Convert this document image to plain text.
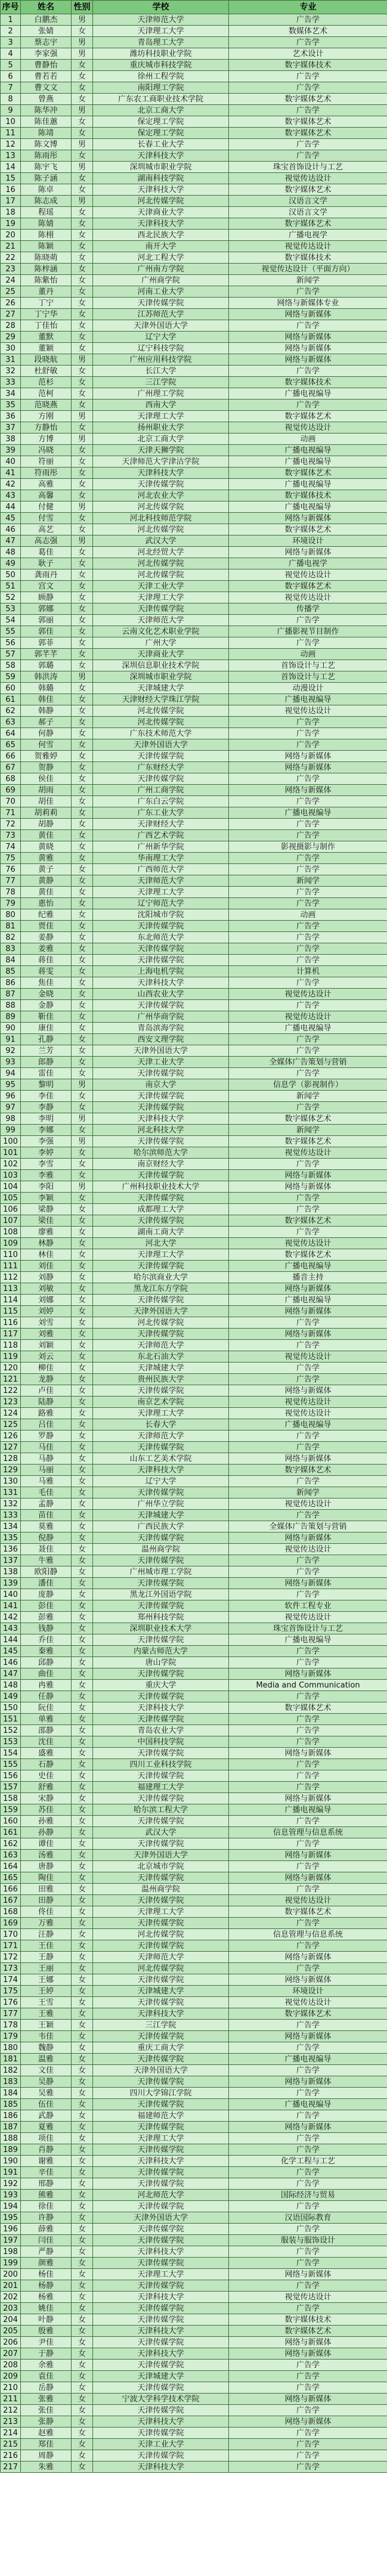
序号	姓名	性别	学校	专业
1	白鹏杰	男	天津师范大学	广告学
2	张婧	女	天津理工大学	数媒体艺术
3	蔡志宇	男	青岛理工大学	广告学
4	李家强	男	潍坊科技职业学院	艺术设计
5	曹静怡	女	重庆城市科技学院	数字媒体技术
6	曹若若	女	徐州工程学院	广告学
7	曹文文	女	南阳理工学院	广告学
8	曾燕	女	广东农工商职业技术学院	数字媒体艺术
9	陈华冲	男	北京工商大学	广告学
10	陈佳蕙	女	保定理工学院	数字媒体艺术
11	陈靖	女	保定理工学院	数字媒体艺术
12	陈文博	男	长春工业大学	广告学
13	陈雨彤	女	天津科技大学	广告学
14	陈宇飞	男	深圳城市职业学院	珠宝首饰设计与工艺
15	陈子涵	女	湖南科技学院	视觉传达设计
16	陈卓	女	天津科技大学	数字媒体艺术
17	陈志成	男	河北传媒学院	汉语言文学
18	程瑶	女	天津商业大学	汉语言文学
19	陈婧	女	天津科技大学	数字媒体艺术
20	陈栩	女	西北民族大学	广播电视学
21	陈颖	女	南开大学	视觉传达设计
22	陈晓萌	女	河北工程大学	数字媒体技术
23	陈梓涵	女	广州南方学院	视觉传达设计（平面方向）
24	陈紫怡	女	广州商学院	新闻学
25	董丹	女	河南工业大学	广告学
26	丁宁	女	天津传媒学院	网络与新媒体专业
27	丁宁华	女	江苏师范大学	网络与新媒体
28	丁佳怡	女	天津外国语大学	广告学
29	董默	女	辽宁大学	网络与新媒体
30	董颖	女	辽宁科技学院	网络与新媒体
31	段晓航	男	广州应用科技学院	网络与新媒体
32	杜舒敏	女	长江大学	广告学
33	范杉	女	三江学院	数字媒体技术
34	范柯	女	广州理工学院	广播电视编导
35	范晓燕	女	西南大学	广告学
36	方刚	男	天津理工大学	数字媒体艺术
37	方静怡	女	扬州职业大学	视觉传达设计
38	方博	男	北京工商大学	动画
39	冯晓	女	天津天狮学院	广播电视编导
40	符丽	女	天津师范大学津沽学院	广播电视编导
41	符雨彤	女	天津科技大学	数字媒体艺术
42	高雅	女	天津传媒学院	广播电视编导
43	高馨	女	河北农业大学	数字媒体技术
44	付健	男	河北传媒学院	广播电视编导
45	付雪	女	河北科技师范学院	网络与新媒体
46	高艺	女	河北传媒学院	数字媒体艺术
47	高志强	男	武汉大学	环境设计
48	葛佳	女	河北经贸大学	网络与新媒体
49	耿子	女	河北传媒学院	广播电视学
50	龚雨丹	女	河北传媒学院	视觉传达设计
51	宫文	女	天津工业大学	数字媒体艺术
52	顾静	女	天津理工大学	视觉传达设计
53	郭娜	女	天津传媒学院	传播学
54	郭丽	女	天津师范大学	广告学
55	郭佳	女	云南文化艺术职业学院	广播影视节目制作
56	郭菲	女	广州大学	广告学
57	郭芊芊	女	天津商业大学	动画
58	郭璐	女	深圳信息职业技术学院	首饰设计与工艺
59	韩洪涛	男	深圳城市职业学院	首饰设计与工艺
60	韩璐	女	天津城建大学	动漫设计
61	韩佳	女	天津财经大学珠江学院	广播电视编导
62	韩静	女	河北传媒学院	视觉传达设计
63	郝子	女	河北传媒学院	广告学
64	何静	女	广东技术师范大学	广告学
65	何雪	女	天津外国语大学	广告学
66	贺雅婷	女	天津传媒学院	网络与新媒体
67	贺静	女	广东财经大学	网络与新媒体
68	侯佳	女	天津传媒学院	广告学
69	胡雨	女	广州工商学院	网络与新媒体
70	胡佳	女	广东白云学院	广告学
71	胡莉莉	女	广东工业大学	广播电视编导
72	胡静	女	天津财经大学	广告学
73	黄佳	女	广西艺术学院	广告学
74	黄晓	女	广州新华学院	影视摄影与制作
75	黄雅	女	华南理工大学	广告学
76	黄子	女	广西师范大学	广告学
77	黄静	女	天津师范大学	新闻学
78	黄佳	女	天津理工大学	广告学
79	惠怡	女	辽宁师范大学	广告学
80	纪雅	女	沈阳城市学院	动画
81	贾佳	女	天津传媒学院	广告学
82	姜静	女	东北师范大学	广告学
83	姜雅	女	天津传媒学院	广告学
84	蒋佳	女	天津传媒学院	广告学
85	蒋雯	女	上海电机学院	计算机
86	焦佳	女	天津科技大学	广告学
87	金晓	女	山西农业大学	视觉传达设计
88	金静	女	天津传媒学院	广告学
89	靳佳	女	广州华商学院	视觉传达设计
90	康佳	女	青岛滨海学院	广播电视编导
91	孔静	女	西安文理学院	广告学
92	兰芳	女	天津外国语大学	广告学
93	郎静	女	天津工业大学	全媒体广告策划与营销
94	雷佳	女	天津传媒学院	广告学
95	黎明	男	南京大学	信息学（影视制作）
96	李佳	女	天津传媒学院	新闻学
97	李静	女	天津传媒学院	广告学
98	李明	男	天津科技大学	数字媒体艺术
99	李娜	女	河北科技大学	新闻学
100	李强	男	天津传媒学院	数字媒体艺术
101	李婷	女	哈尔滨师范大学	视觉传达设计
102	李雪	女	南京财经大学	广告学
103	李雅	女	天津传媒学院	网络与新媒体
104	李阳	男	广州科技职业技术大学	网络与新媒体
105	李颖	女	天津传媒学院	广告学
106	梁静	女	成都理工大学	广告学
107	梁佳	女	天津传媒学院	数字媒体艺术
108	廖雅	女	湖南工商大学	广告学
109	林静	女	河北大学	视觉传达设计
110	林佳	女	天津理工大学	数字媒体艺术
111	刘佳	女	天津传媒学院	广播电视编导
112	刘静	女	哈尔滨商业大学	播音主持
113	刘敏	女	黑龙江东方学院	网络与新媒体
114	刘娜	女	天津传媒学院	广播电视编导
115	刘婷	女	天津外国语大学	网络与新媒体
116	刘雪	女	河北传媒学院	广告学
117	刘雅	女	天津传媒学院	网络与新媒体
118	刘颖	女	天津师范大学	广告学
119	刘云	女	东北石油大学	视觉传达设计
120	柳佳	女	天津城建大学	广告学
121	龙静	女	贵州民族大学	广告学
122	卢佳	女	天津传媒学院	网络与新媒体
123	陆静	女	南京艺术学院	视觉传达设计
124	路雅	女	天津理工大学	视觉传达设计
125	吕佳	女	长春大学	广播电视编导
126	罗静	女	天津师范大学	广告学
127	马佳	女	天津传媒学院	广告学
128	马静	女	山东工艺美术学院	网络与新媒体
129	马丽	女	天津科技大学	数字媒体艺术
130	马雅	女	辽宁大学	广告学
131	毛佳	女	天津传媒学院	新闻学
132	孟静	女	广州华立学院	视觉传达设计
133	苗佳	女	天津城建大学	广告学
134	莫雅	女	广西民族大学	全媒体广告策划与营销
135	倪静	女	天津传媒学院	网络与新媒体
136	聂佳	女	温州商学院	视觉传达设计
137	牛雅	女	天津传媒学院	广告学
138	欧阳静	女	广州城市理工学院	广告学
139	潘佳	女	天津传媒学院	网络与新媒体
140	庞静	女	黑龙江外国语学院	广告学
141	彭佳	女	天津传媒学院	软件工程专业
142	彭雅	女	郑州科技学院	视觉传达设计
143	钱静	女	深圳职业技术大学	珠宝首饰设计与工艺
144	乔佳	女	天津传媒学院	广播电视编导
145	秦雅	女	内蒙古师范大学	广告学
146	邱静	女	唐山学院	广告学
147	曲佳	女	天津传媒学院	网络与新媒体
148	冉雅	女	重庆大学	Media and Communication
149	任静	女	天津传媒学院	广告学
150	阮佳	女	天津科技大学	数字媒体艺术
151	单雅	女	天津传媒学院	广告学
152	邵静	女	青岛农业大学	广告学
153	沈佳	女	中国科技学院	广告学
154	盛雅	女	天津传媒学院	网络与新媒体
155	石静	女	四川工业科技学院	广告学
156	史佳	女	天津传媒学院	广告学
157	舒雅	女	福建理工大学	广告学
158	宋静	女	天津传媒学院	网络与新媒体
159	苏佳	女	哈尔滨工程大学	广播电视编导
160	孙雅	女	天津传媒学院	广告学
161	孙静	女	武汉大学	信息管理与信息系统
162	谭佳	女	天津传媒学院	广告学
163	汤雅	女	天津外国语大学	网络与新媒体
164	唐静	女	北京城市学院	广告学
165	陶佳	女	天津传媒学院	网络与新媒体
166	田雅	女	温州商学院	广告学
167	田静	女	天津传媒学院	视觉传达设计
168	佟佳	女	天津理工大学	数字媒体艺术
169	万雅	女	天津传媒学院	广告学
170	汪静	女	河北传媒学院	信息管理与信息系统
171	王佳	女	天津传媒学院	广告学
172	王静	女	天津师范大学	网络与新媒体
173	王丽	女	河北传媒学院	广告学
174	王娜	女	天津传媒学院	网络与新媒体
175	王婷	女	天津城建大学	环境设计
176	王雪	女	天津传媒学院	视觉传达设计
177	王雅	女	天津科技大学	数字媒体艺术
178	王颖	女	三江学院	广告学
179	韦佳	女	天津传媒学院	网络与新媒体
180	魏静	女	重庆工商大学	广告学
181	温雅	女	天津传媒学院	广播电视编导
182	文佳	女	天津外国语大学	广告学
183	吴静	女	天津传媒学院	网络与新媒体
184	吴雅	女	四川大学锦江学院	广告学
185	伍佳	女	天津传媒学院	广播电视编导
186	武静	女	福建师范大学	广告学
187	夏雅	女	天津传媒学院	网络与新媒体
188	项佳	女	天津理工大学	广告学
189	肖静	女	天津传媒学院	广告学
190	谢雅	女	天津科技大学	化学工程与工艺
191	辛佳	女	天津传媒学院	广告学
192	邢静	女	天津传媒学院	广告学
193	熊雅	女	河北师范大学	国际经济与贸易
194	徐佳	女	天津传媒学院	广告学
195	许静	女	天津外国语大学	汉语国际教育
196	薛雅	女	天津传媒学院	广告学
197	闫佳	女	天津传媒学院	服装与服饰设计
198	严静	女	天津科技大学	广告学
199	颜雅	女	天津传媒学院	广告学
200	杨佳	女	天津理工大学	网络与新媒体
201	杨静	女	天津传媒学院	广告学
202	杨雅	女	天津科技大学	视觉传达设计
203	姚佳	女	天津传媒学院	广告学
204	叶静	女	天津传媒学院	数字媒体技术
205	殷雅	女	天津科技大学	数字媒体艺术
206	尹佳	女	天津传媒学院	网络与新媒体
207	于静	女	天津科技大学	网络与新媒体
208	余雅	女	天津传媒学院	广告学
209	袁佳	女	天津城建大学	广告学
210	岳静	女	天津传媒学院	广告学
211	张雅	女	宁波大学科学技术学院	网络与新媒体
212	张佳	女	天津传媒学院	广告学
213	张静	女	天津科技大学	网络与新媒体
214	赵雅	女	天津传媒学院	广告学
215	郑佳	女	天津工业大学	广告学
216	周静	女	天津传媒学院	广告学
217	朱雅	女	天津科技大学	广告学
